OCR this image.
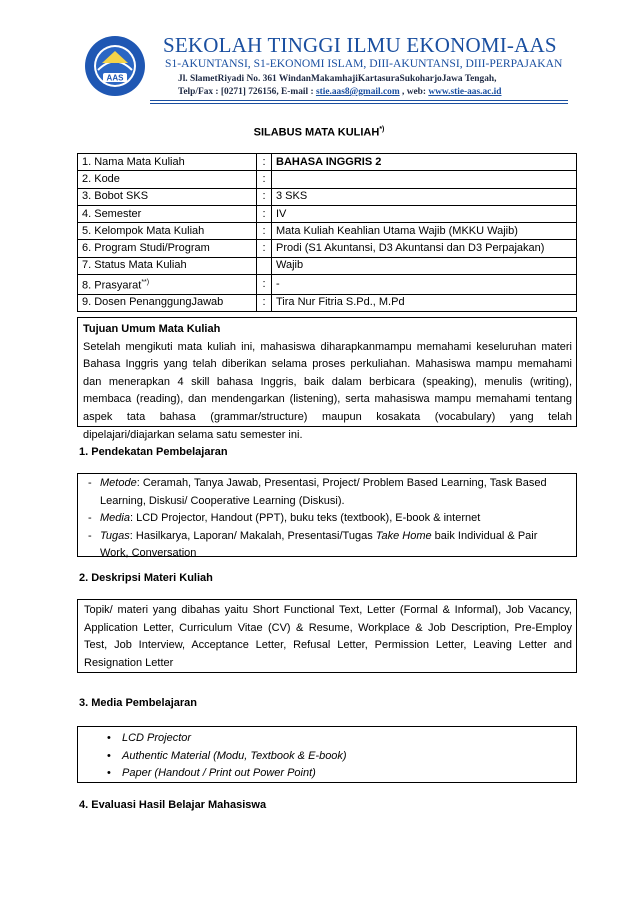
AAS
SEKOLAH TINGGI ILMU EKONOMI-AAS
S1-AKUNTANSI, S1-EKONOMI ISLAM, DIII-AKUNTANSI, DIII-PERPAJAKAN
Jl. SlametRiyadi No. 361 WindanMakamhajiKartasuraSukoharjoJawa Tengah,
Telp/Fax : [0271] 726156, E-mail : stie.aas8@gmail.com , web: www.stie-aas.ac.id
SILABUS MATA KULIAH*)
1. Nama Mata Kuliah	:	BAHASA INGGRIS 2
2. Kode	:	
3. Bobot SKS	:	3 SKS
4. Semester	:	IV
5. Kelompok Mata Kuliah	:	Mata Kuliah Keahlian Utama Wajib (MKKU Wajib)
6. Program Studi/Program	:	Prodi (S1 Akuntansi, D3 Akuntansi dan D3 Perpajakan)
7. Status Mata Kuliah		Wajib
8. Prasyarat**)	:	-
9. Dosen PenanggungJawab	:	Tira Nur Fitria S.Pd., M.Pd

Tujuan Umum Mata Kuliah

Setelah mengikuti mata kuliah ini, mahasiswa diharapkanmampu memahami keseluruhan materi Bahasa Inggris yang telah diberikan selama proses perkuliahan. Mahasiswa mampu memahami dan menerapkan 4 skill bahasa Inggris, baik dalam berbicara (speaking), menulis (writing), membaca (reading), dan mendengarkan (listening), serta mahasiswa mampu memahami tentang aspek tata bahasa (grammar/structure) maupun kosakata (vocabulary) yang telah dipelajari/diajarkan selama satu semester ini.

1. Pendekatan Pembelajaran
- Metode: Ceramah, Tanya Jawab, Presentasi, Project/ Problem Based Learning, Task Based Learning, Diskusi/ Cooperative Learning (Diskusi).
- Media: LCD Projector, Handout (PPT), buku teks (textbook), E-book & internet
- Tugas: Hasilkarya, Laporan/ Makalah, Presentasi/Tugas Take Home baik Individual & Pair Work, Conversation
2. Deskripsi Materi Kuliah

Topik/ materi yang dibahas yaitu Short Functional Text, Letter (Formal & Informal), Job Vacancy, Application Letter, Curriculum Vitae (CV) & Resume, Workplace & Job Description, Pre-Employ Test, Job Interview, Acceptance Letter, Refusal Letter, Permission Letter, Leaving Letter and Resignation Letter

3. Media Pembelajaran
• LCD Projector
• Authentic Material (Modu, Textbook & E-book)
• Paper (Handout / Print out Power Point)
4. Evaluasi Hasil Belajar Mahasiswa
